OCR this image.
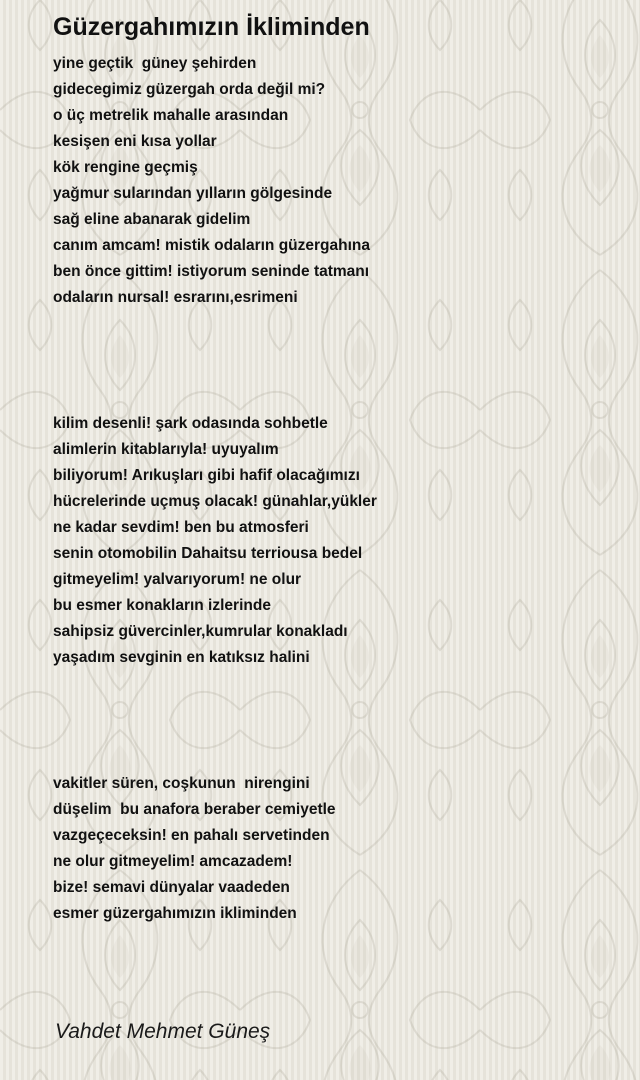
Güzergahımızın İkliminden
yine geçtik  güney şehirden
gidecegimiz güzergah orda değil mi?
o üç metrelik mahalle arasından
kesişen eni kısa yollar
kök rengine geçmiş
yağmur sularından yılların gölgesinde
sağ eline abanarak gidelim
canım amcam! mistik odaların güzergahına
ben önce gittim! istiyorum seninde tatmanı
odaların nursal! esrarını,esrimeni
kilim desenli! şark odasında sohbetle
alimlerin kitablarıyla! uyuyalım
biliyorum! Arıkuşları gibi hafif olacağımızı
hücrelerinde uçmuş olacak! günahlar,yükler
ne kadar sevdim! ben bu atmosferi
senin otomobilin Dahaitsu terriousa bedel
gitmeyelim! yalvarıyorum! ne olur
bu esmer konakların izlerinde
sahipsiz güvercinler,kumrular konakladı
yaşadım sevginin en katıksız halini
vakitler süren, coşkunun  nirengini
düşelim  bu anafora beraber cemiyetle
vazgeçeceksin! en pahalı servetinden
ne olur gitmeyelim! amcazadem!
bize! semavi dünyalar vaadeden
esmer güzergahımızın ikliminden
Vahdet Mehmet Güneş
